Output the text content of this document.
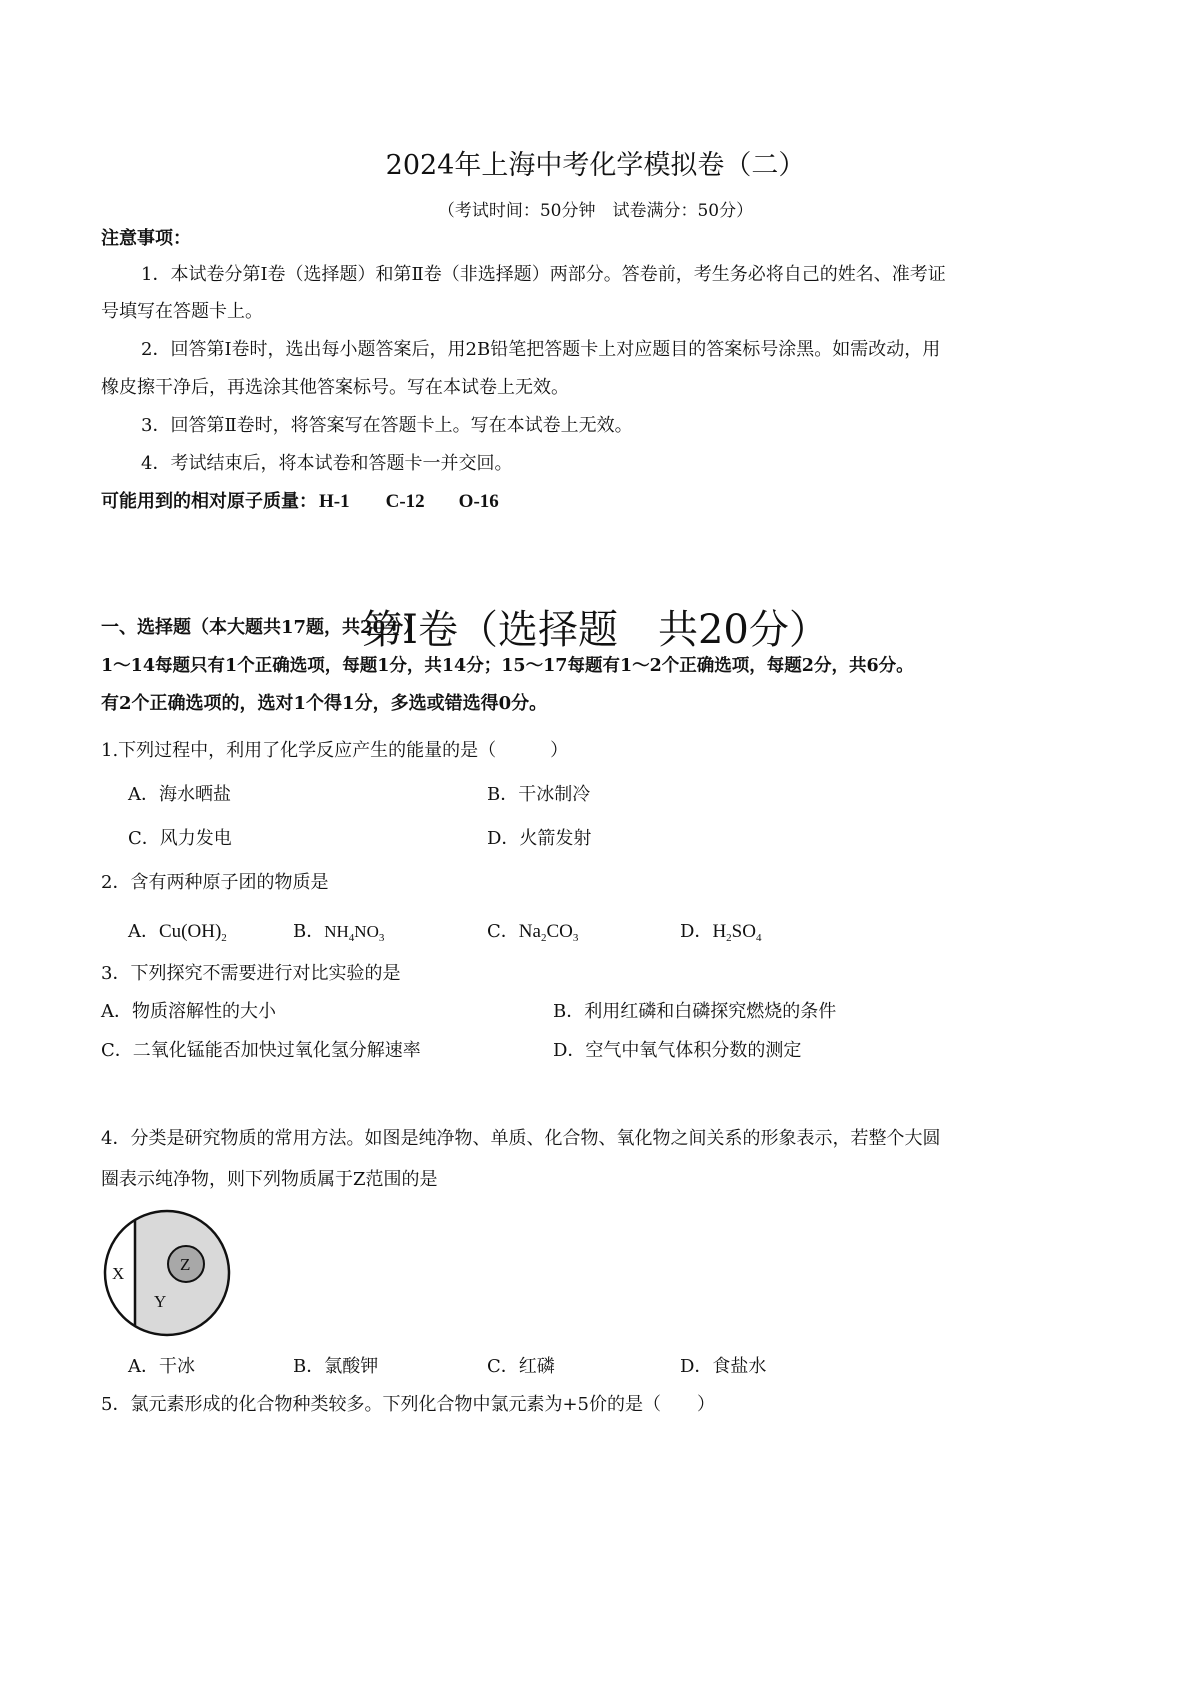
2024年上海中考化学模拟卷（二）
（考试时间：50分钟　试卷满分：50分）
注意事项：
1．本试卷分第Ⅰ卷（选择题）和第Ⅱ卷（非选择题）两部分。答卷前，考生务必将自己的姓名、准考证
号填写在答题卡上。
2．回答第Ⅰ卷时，选出每小题答案后，用2B铅笔把答题卡上对应题目的答案标号涂黑。如需改动，用
橡皮擦干净后，再选涂其他答案标号。写在本试卷上无效。
3．回答第Ⅱ卷时，将答案写在答题卡上。写在本试卷上无效。
4．考试结束后，将本试卷和答题卡一并交回。
可能用到的相对原子质量： H-1 C-12 O-16
第Ⅰ卷（选择题　共20分）
一、选择题（本大题共17题，共20分）
1～14每题只有1个正确选项，每题1分，共14分；15～17每题有1～2个正确选项，每题2分，共6分。
有2个正确选项的，选对1个得1分，多选或错选得0分。
1.下列过程中，利用了化学反应产生的能量的是（　　　）
A．海水晒盐	B．干冰制冷
C．风力发电	D．火箭发射
2．含有两种原子团的物质是
A．$Cu(OH)_2$	B．$NH_4NO_3$	C．$Na_2CO_3$	D．$H_2SO_4$
3．下列探究不需要进行对比实验的是
A．物质溶解性的大小	B．利用红磷和白磷探究燃烧的条件
C．二氧化锰能否加快过氧化氢分解速率	D．空气中氧气体积分数的测定
4．分类是研究物质的常用方法。如图是纯净物、单质、化合物、氧化物之间关系的形象表示，若整个大圆
圈表示纯净物，则下列物质属于Z范围的是
X
Y
Z
A．干冰	B．氯酸钾	C．红磷	D．食盐水
5．氯元素形成的化合物种类较多。下列化合物中氯元素为+5价的是（　　）
